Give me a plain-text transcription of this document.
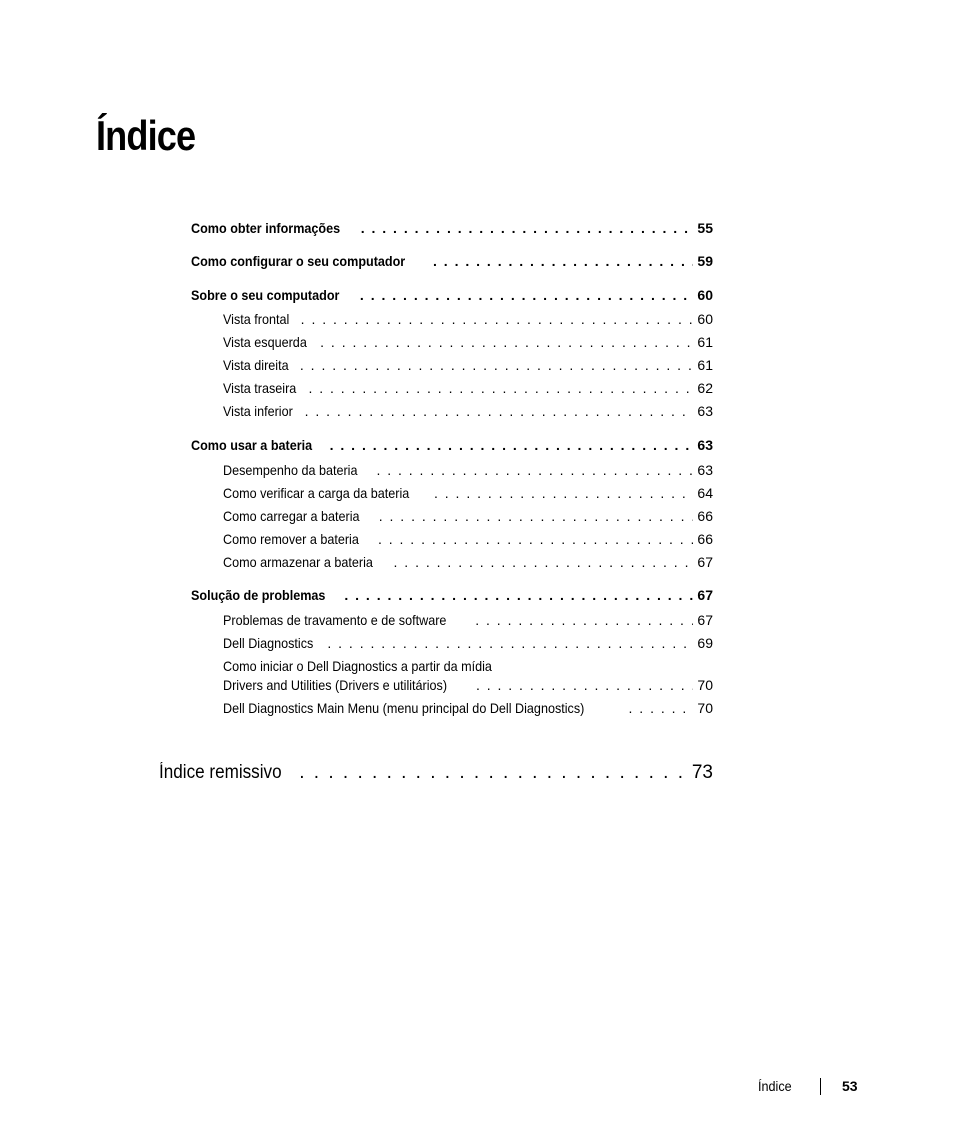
Índice
Como obter informações . . .	55
Como configurar o seu computador . . .	59
Sobre o seu computador . . .	60
Vista frontal . . .	60
Vista esquerda . . .	61
Vista direita . . .	61
Vista traseira . . .	62
Vista inferior . . .	63
Como usar a bateria . . .	63
Desempenho da bateria . . .	63
Como verificar a carga da bateria . . .	64
Como carregar a bateria . . .	66
Como remover a bateria . . .	66
Como armazenar a bateria . . .	67
Solução de problemas . . .	67
Problemas de travamento e de software . . .	67
Dell Diagnostics . . .	69
Como iniciar o Dell Diagnostics a partir da mídia
Drivers and Utilities (Drivers e utilitários) . . .	70
Dell Diagnostics Main Menu (menu principal do Dell Diagnostics) . . .	70
Índice remissivo . . .	73
Índice	53
